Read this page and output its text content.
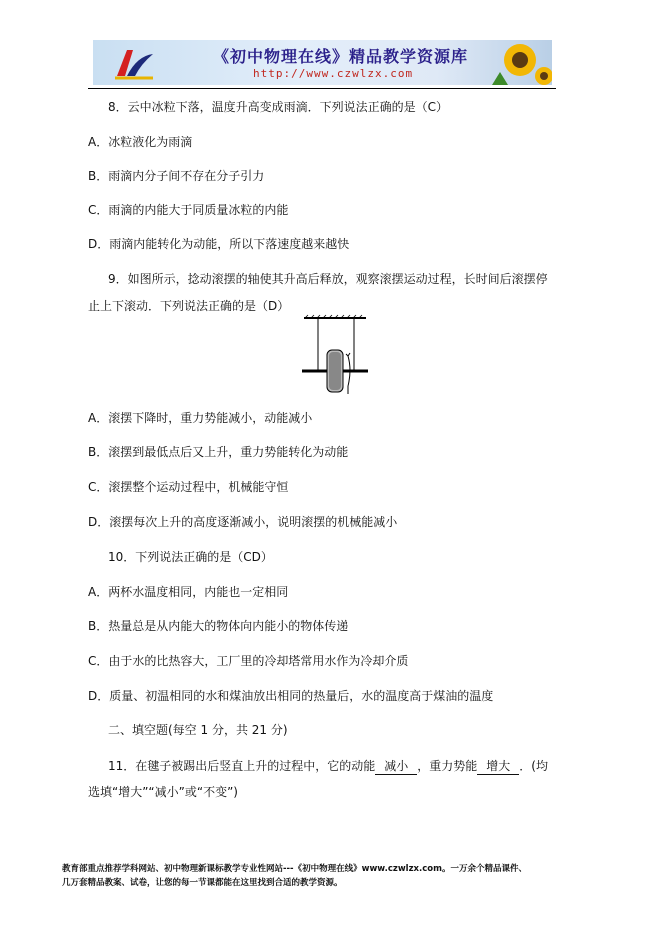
《初中物理在线》精品教学资源库
http://www.czwlzx.com
8．云中冰粒下落，温度升高变成雨滴．下列说法正确的是（C）
A．冰粒液化为雨滴
B．雨滴内分子间不存在分子引力
C．雨滴的内能大于同质量冰粒的内能
D．雨滴内能转化为动能，所以下落速度越来越快
9．如图所示，捻动滚摆的轴使其升高后释放，观察滚摆运动过程，长时间后滚摆停
止上下滚动．下列说法正确的是（D）
A．滚摆下降时，重力势能减小，动能减小
B．滚摆到最低点后又上升，重力势能转化为动能
C．滚摆整个运动过程中，机械能守恒
D．滚摆每次上升的高度逐渐减小，说明滚摆的机械能减小
10．下列说法正确的是（CD）
A．两杯水温度相同，内能也一定相同
B．热量总是从内能大的物体向内能小的物体传递
C．由于水的比热容大，工厂里的冷却塔常用水作为冷却介质
D．质量、初温相同的水和煤油放出相同的热量后，水的温度高于煤油的温度
二、填空题(每空 1 分，共 21 分)
11．在毽子被踢出后竖直上升的过程中，它的动能 减小 ，重力势能 增大 ．(均
选填“增大”“减小”或“不变”)
教育部重点推荐学科网站、初中物理新课标教学专业性网站---《初中物理在线》www.czwlzx.com。一万余个精品课件、
几万套精品教案、试卷，让您的每一节课都能在这里找到合适的教学资源。
